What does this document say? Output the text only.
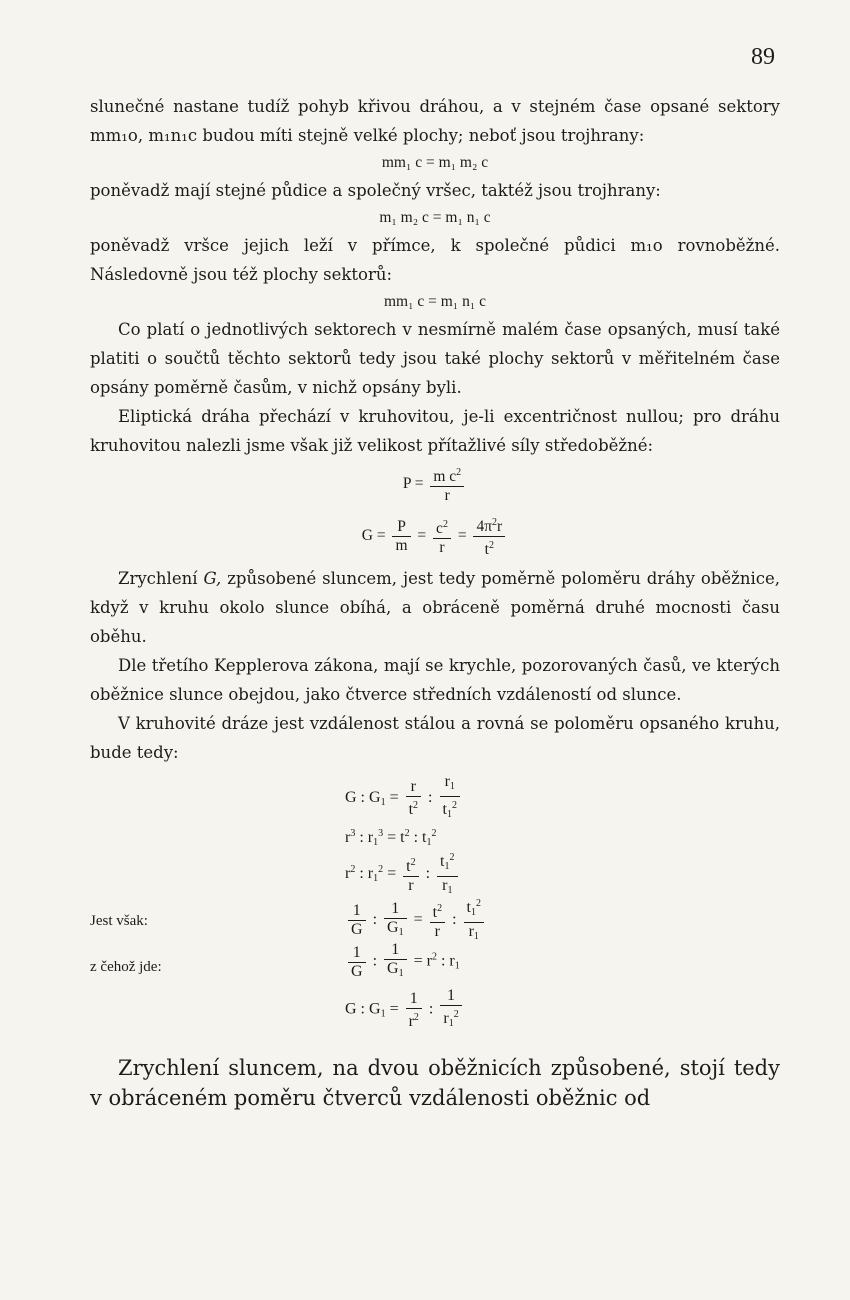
89

slunečné nastane tudíž pohyb křivou dráhou, a v stejném čase opsané sektory mm₁o, m₁n₁c budou míti stejně velké plochy; neboť jsou trojhrany:

mm₁ c = m₁ m₂ c

poněvadž mají stejné půdice a společný vršec, taktéž jsou trojhrany:

m₁ m₂ c = m₁ n₁ c

poněvadž vršce jejich leží v přímce, k společné půdici m₁o rovnoběžné. Následovně jsou též plochy sektorů:

mm₁ c = m₁ n₁ c

Co platí o jednotlivých sektorech v nesmírně malém čase opsaných, musí také platiti o součtů těchto sektorů tedy jsou také plochy sektorů v měřitelném čase opsány poměrně časům, v nichž opsány byli.

Eliptická dráha přechází v kruhovitou, je-li excentričnost nullou; pro dráhu kruhovitou nalezli jsme však již velikost přítažlivé síly středoběžné:

$P = \frac{m c^2}{r}$
$G = \frac{P}{m} = \frac{c^2}{r} = \frac{4\pi^2r}{t^2}$

Zrychlení G, způsobené sluncem, jest tedy poměrně poloměru dráhy oběžnice, když v kruhu okolo slunce obíhá, a obráceně poměrná druhé mocnosti času oběhu.

Dle třetího Kepplerova zákona, mají se krychle, pozorovaných časů, ve kterých oběžnice slunce obejdou, jako čtverce středních vzdáleností od slunce.

V kruhovité dráze jest vzdálenost stálou a rovná se poloměru opsaného kruhu, bude tedy:

G : $G_1 = \frac{r}{t^2}$ : $\frac{r_1}{t_1^2}$
$r^3$ : $r_1^3 = t^2$ : $t_1^2$
$r^2$ : $r_1^2 = \frac{t^2}{r}$ : $\frac{t_1^2}{r_1}$
Jest však:	$\frac{1}{G}$ : $\frac{1}{G_1} = \frac{t^2}{r}$ : $\frac{t_1^2}{r_1}$
z čehož jde:	$\frac{1}{G}$ : $\frac{1}{G_1} = r^2$ : $r_1$
G : $G_1 = \frac{1}{r^2}$ : $\frac{1}{r_1^2}$

Zrychlení sluncem, na dvou oběžnicích způsobené, stojí tedy v obráceném poměru čtverců vzdálenosti oběžnic od
